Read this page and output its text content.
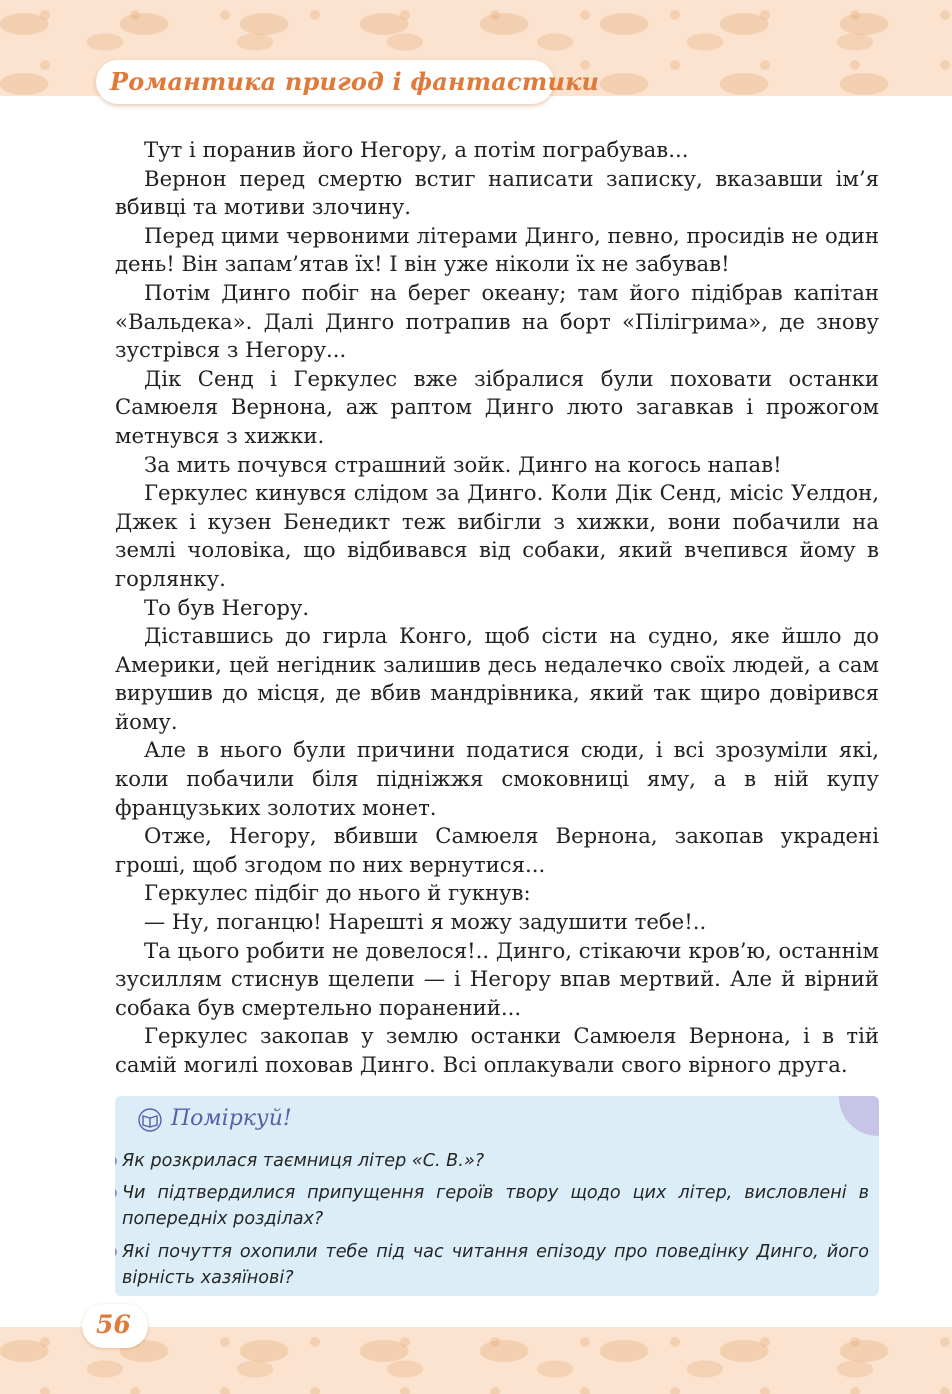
Романтика пригод і фантастики

Тут і поранив його Негору, а потім пограбував...

Вернон перед смертю встиг написати записку, вказавши ім’я вбивці та мотиви злочину.

Перед цими червоними літерами Динго, певно, просидів не один день! Він запам’ятав їх! І він уже ніколи їх не забував!

Потім Динго побіг на берег океану; там його підібрав капітан «Вальдека». Далі Динго потрапив на борт «Пілігрима», де знову зустрівся з Негору...

Дік Сенд і Геркулес вже зібралися були поховати останки Самюеля Вернона, аж раптом Динго люто загавкав і прожогом метнувся з хижки.

За мить почувся страшний зойк. Динго на когось напав!

Геркулес кинувся слідом за Динго. Коли Дік Сенд, місіс Уелдон, Джек і кузен Бенедикт теж вибігли з хижки, вони побачили на землі чоловіка, що відбивався від собаки, який вчепився йому в горлянку.

То був Негору.

Діставшись до гирла Конго, щоб сісти на судно, яке йшло до Америки, цей негідник залишив десь недалечко своїх людей, а сам вирушив до місця, де вбив мандрівника, який так щиро довірився йому.

Але в нього були причини податися сюди, і всі зрозуміли які, коли побачили біля підніжжя смоковниці яму, а в ній купу французьких золотих монет.

Отже, Негору, вбивши Самюеля Вернона, закопав украдені гроші, щоб згодом по них вернутися...

Геркулес підбіг до нього й гукнув:

— Ну, поганцю! Нарешті я можу задушити тебе!..

Та цього робити не довелося!.. Динго, стікаючи кров’ю, останнім зусиллям стиснув щелепи — і Негору впав мертвий. Але й вірний собака був смертельно поранений...

Геркулес закопав у землю останки Самюеля Вернона, і в тій самій могилі поховав Динго. Всі оплакували свого вірного друга.

Поміркуй!
Як розкрилася таємниця літер «С. В.»?
Чи підтвердилися припущення героїв твору щодо цих літер, висловлені в попередніх розділах?
Які почуття охопили тебе під час читання епізоду про поведінку Динго, його вірність хазяїнові?
56
